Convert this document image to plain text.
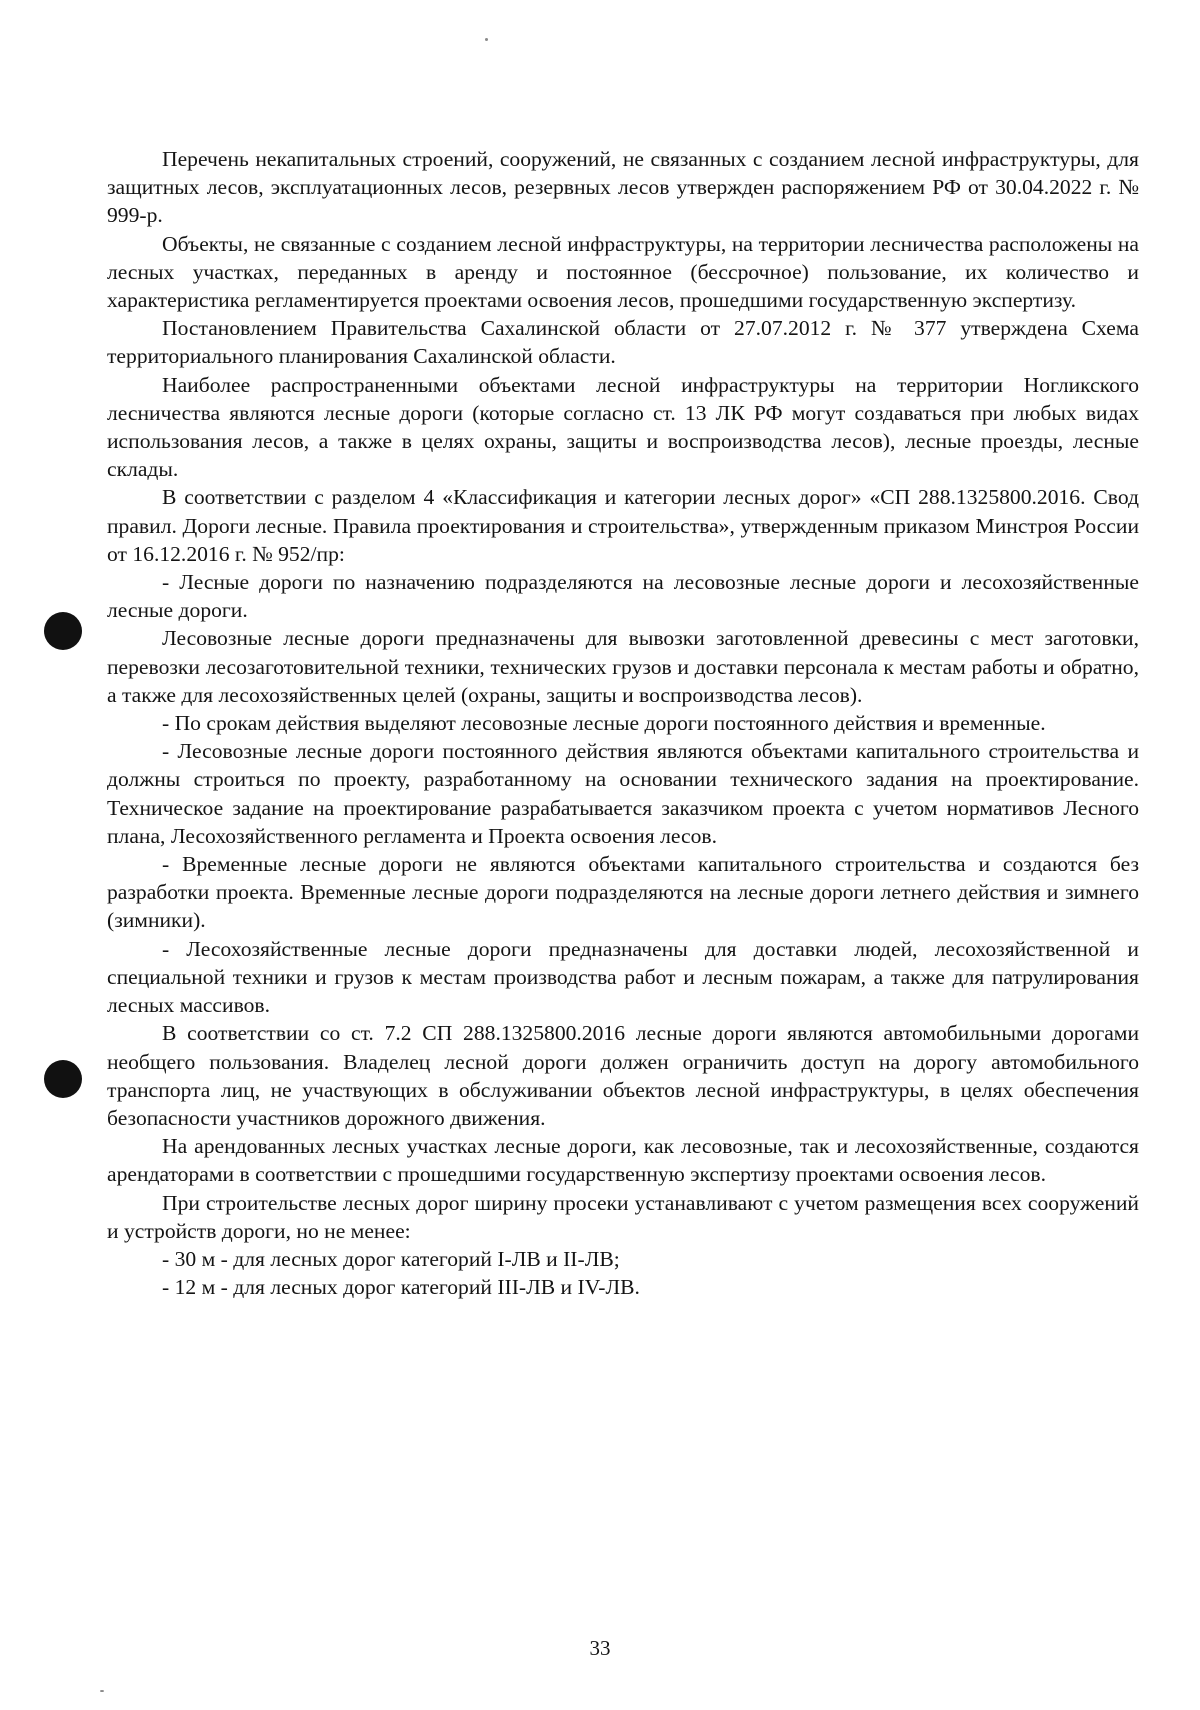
Перечень некапитальных строений, сооружений, не связанных с созданием лесной инфраструктуры, для защитных лесов, эксплуатационных лесов, резервных лесов утвержден распоряжением РФ от 30.04.2022 г. № 999-р.

Объекты, не связанные с созданием лесной инфраструктуры, на территории лесничества расположены на лесных участках, переданных в аренду и постоянное (бессрочное) пользование, их количество и характеристика регламентируется проектами освоения лесов, прошедшими государственную экспертизу.

Постановлением Правительства Сахалинской области от 27.07.2012 г. № 377 утверждена Схема территориального планирования Сахалинской области.

Наиболее распространенными объектами лесной инфраструктуры на территории Ногликского лесничества являются лесные дороги (которые согласно ст. 13 ЛК РФ могут создаваться при любых видах использования лесов, а также в целях охраны, защиты и воспроизводства лесов), лесные проезды, лесные склады.

В соответствии с разделом 4 «Классификация и категории лесных дорог» «СП 288.1325800.2016. Свод правил. Дороги лесные. Правила проектирования и строительства», утвержденным приказом Минстроя России от 16.12.2016 г. № 952/пр:

- Лесные дороги по назначению подразделяются на лесовозные лесные дороги и лесохозяйственные лесные дороги.

Лесовозные лесные дороги предназначены для вывозки заготовленной древесины с мест заготовки, перевозки лесозаготовительной техники, технических грузов и доставки персонала к местам работы и обратно, а также для лесохозяйственных целей (охраны, защиты и воспроизводства лесов).

- По срокам действия выделяют лесовозные лесные дороги постоянного действия и временные.

- Лесовозные лесные дороги постоянного действия являются объектами капитального строительства и должны строиться по проекту, разработанному на основании технического задания на проектирование. Техническое задание на проектирование разрабатывается заказчиком проекта с учетом нормативов Лесного плана, Лесохозяйственного регламента и Проекта освоения лесов.

- Временные лесные дороги не являются объектами капитального строительства и создаются без разработки проекта. Временные лесные дороги подразделяются на лесные дороги летнего действия и зимнего (зимники).

- Лесохозяйственные лесные дороги предназначены для доставки людей, лесохозяйственной и специальной техники и грузов к местам производства работ и лесным пожарам, а также для патрулирования лесных массивов.

В соответствии со ст. 7.2 СП 288.1325800.2016 лесные дороги являются автомобильными дорогами необщего пользования. Владелец лесной дороги должен ограничить доступ на дорогу автомобильного транспорта лиц, не участвующих в обслуживании объектов лесной инфраструктуры, в целях обеспечения безопасности участников дорожного движения.

На арендованных лесных участках лесные дороги, как лесовозные, так и лесохозяйственные, создаются арендаторами в соответствии с прошедшими государственную экспертизу проектами освоения лесов.

При строительстве лесных дорог ширину просеки устанавливают с учетом размещения всех сооружений и устройств дороги, но не менее:

- 30 м - для лесных дорог категорий I-ЛВ и II-ЛВ;

- 12 м - для лесных дорог категорий III-ЛВ и IV-ЛВ.

33
